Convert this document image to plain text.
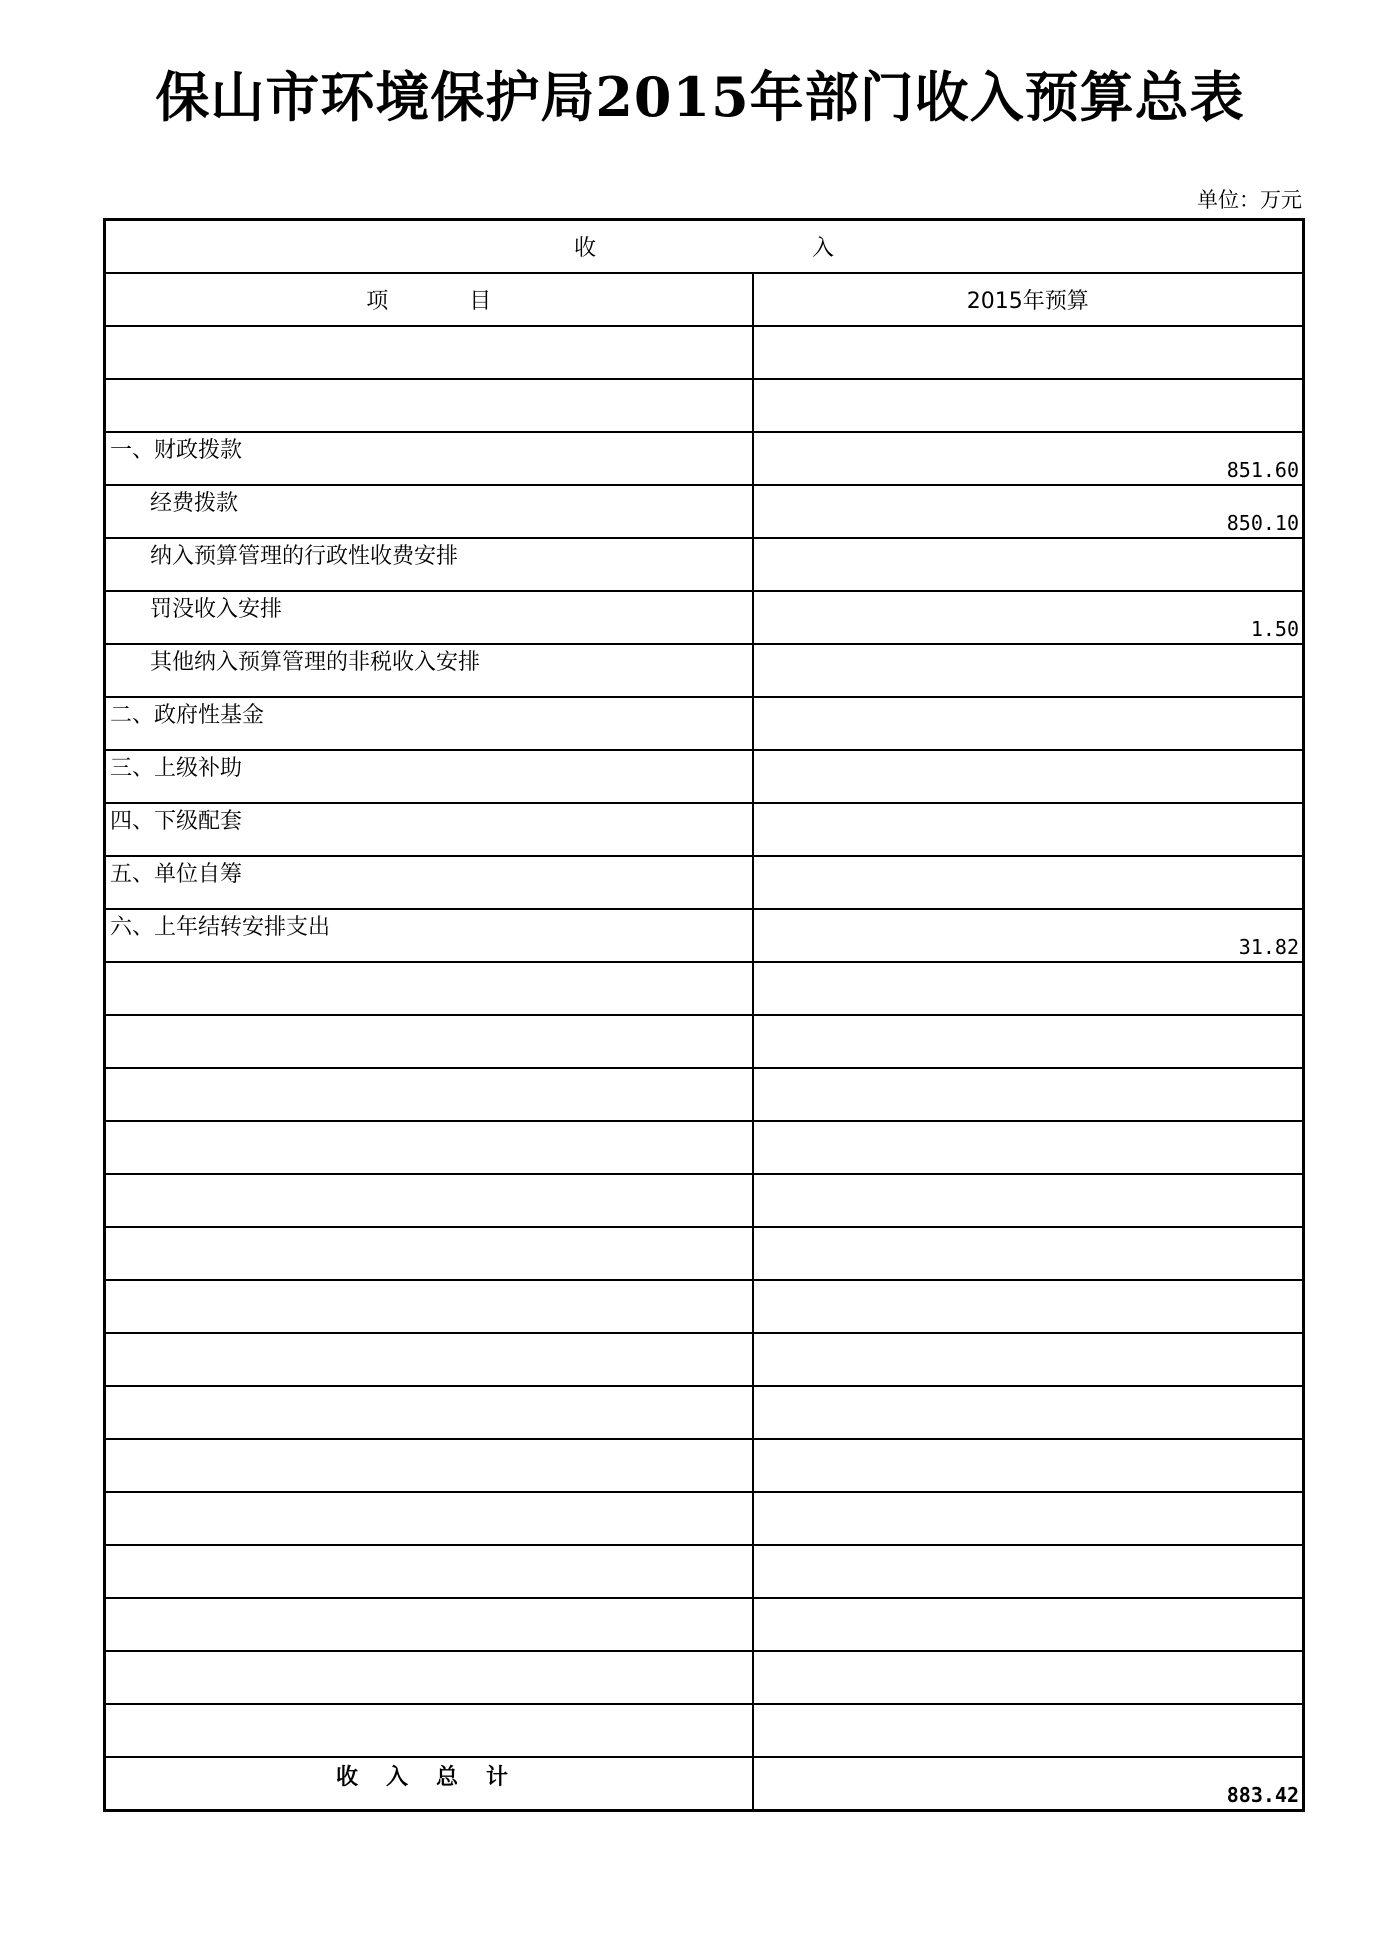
保山市环境保护局2015年部门收入预算总表
单位：万元
收 入	

项 目	2015年预算

一、财政拨款	851.60

经费拨款	850.10

纳入预算管理的行政性收费安排	

罚没收入安排	1.50

其他纳入预算管理的非税收入安排	

二、政府性基金	

三、上级补助	

四、下级配套	

五、单位自筹	

六、上年结转安排支出	31.82

收入总计	883.42
